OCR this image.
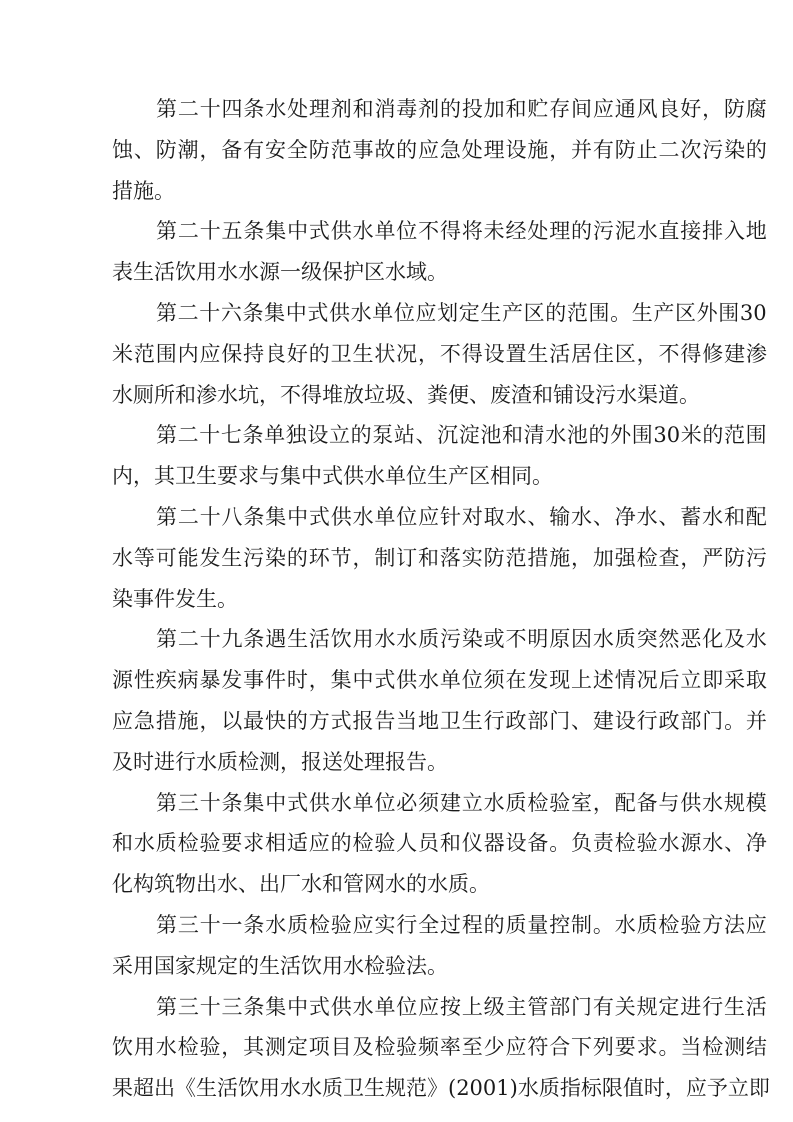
第 二 十 四 条 水 处 理 剂 和 消 毒 剂 的 投 加 和 贮 存 间 应 通 风 良 好 ， 防 腐
蚀 、 防 潮 ， 备 有 安 全 防 范 事 故 的 应 急 处 理 设 施 ， 并 有 防 止 二 次 污 染 的
措施。
第 二 十 五 条 集 中 式 供 水 单 位 不 得 将 未 经 处 理 的 污 泥 水 直 接 排 入 地
表生活饮用水水源一级保护区水域。
第 二 十 六 条 集 中 式 供 水 单 位 应 划 定 生 产 区 的 范 围 。 生 产 区 外 围 30
米 范 围 内 应 保 持 良 好 的 卫 生 状 况 ， 不 得 设 置 生 活 居 住 区 ， 不 得 修 建 渗
水厕所和渗水坑，不得堆放垃圾、粪便、废渣和铺设污水渠道。
第 二 十 七 条 单 独 设 立 的 泵 站 、 沉 淀 池 和 清 水 池 的 外 围 30 米 的 范 围
内，其卫生要求与集中式供水单位生产区相同。
第 二 十 八 条 集 中 式 供 水 单 位 应 针 对 取 水 、 输 水 、 净 水 、 蓄 水 和 配
水 等 可 能 发 生 污 染 的 环 节 ， 制 订 和 落 实 防 范 措 施 ， 加 强 检 查 ， 严 防 污
染事件发生。
第 二 十 九 条 遇 生 活 饮 用 水 水 质 污 染 或 不 明 原 因 水 质 突 然 恶 化 及 水
源 性 疾 病 暴 发 事 件 时 ， 集 中 式 供 水 单 位 须 在 发 现 上 述 情 况 后 立 即 采 取
应 急 措 施 ， 以 最 快 的 方 式 报 告 当 地 卫 生 行 政 部 门 、 建 设 行 政 部 门 。 并
及时进行水质检测，报送处理报告。
第 三 十 条 集 中 式 供 水 单 位 必 须 建 立 水 质 检 验 室 ， 配 备 与 供 水 规 模
和 水 质 检 验 要 求 相 适 应 的 检 验 人 员 和 仪 器 设 备 。 负 责 检 验 水 源 水 、 净
化构筑物出水、出厂水和管网水的水质。
第 三 十 一 条 水 质 检 验 应 实 行 全 过 程 的 质 量 控 制 。 水 质 检 验 方 法 应
采用国家规定的生活饮用水检验法。
第 三 十 三 条 集 中 式 供 水 单 位 应 按 上 级 主 管 部 门 有 关 规 定 进 行 生 活
饮 用 水 检 验 ， 其 测 定 项 目 及 检 验 频 率 至 少 应 符 合 下 列 要 求 。 当 检 测 结
果 超 出 《 生 活 饮 用 水 水 质 卫 生 规 范 》 (2001) 水 质 指 标 限 值 时 ， 应 予 立 即
